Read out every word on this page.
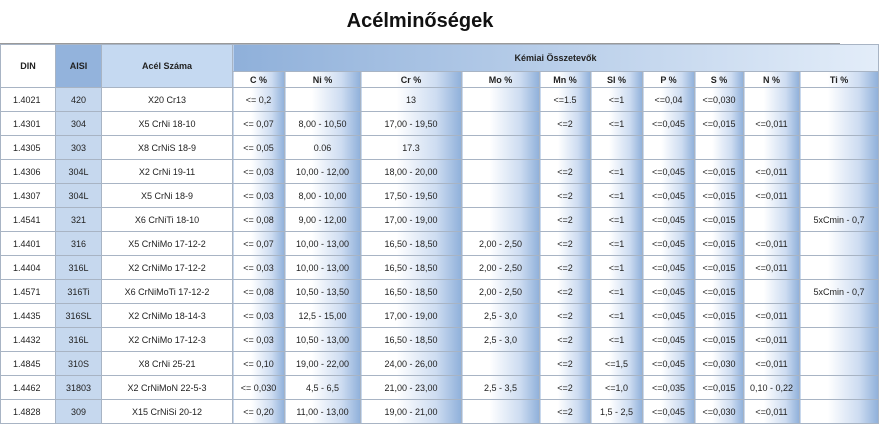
Acélminőségek
DIN	AISI	Acél Száma	Kémiai Összetevők									
			C %	Ni %	Cr %	Mo %	Mn %	SI %	P %	S %	N %	Ti %
1.4021	420	X20 Cr13	<= 0,2		13		<=1.5	<=1	<=0,04	<=0,030		
1.4301	304	X5 CrNi 18-10	<= 0,07	8,00 - 10,50	17,00 - 19,50		<=2	<=1	<=0,045	<=0,015	<=0,011	
1.4305	303	X8 CrNiS 18-9	<= 0,05	0.06	17.3							
1.4306	304L	X2 CrNi 19-11	<= 0,03	10,00 - 12,00	18,00 - 20,00		<=2	<=1	<=0,045	<=0,015	<=0,011	
1.4307	304L	X5 CrNi 18-9	<= 0,03	8,00 - 10,00	17,50 - 19,50		<=2	<=1	<=0,045	<=0,015	<=0,011	
1.4541	321	X6 CrNiTi 18-10	<= 0,08	9,00 - 12,00	17,00 - 19,00		<=2	<=1	<=0,045	<=0,015		5xCmin - 0,7
1.4401	316	X5 CrNiMo 17-12-2	<= 0,07	10,00 - 13,00	16,50 - 18,50	2,00 - 2,50	<=2	<=1	<=0,045	<=0,015	<=0,011	
1.4404	316L	X2 CrNiMo 17-12-2	<= 0,03	10,00 - 13,00	16,50 - 18,50	2,00 - 2,50	<=2	<=1	<=0,045	<=0,015	<=0,011	
1.4571	316Ti	X6 CrNiMoTi 17-12-2	<= 0,08	10,50 - 13,50	16,50 - 18,50	2,00 - 2,50	<=2	<=1	<=0,045	<=0,015		5xCmin - 0,7
1.4435	316SL	X2 CrNiMo 18-14-3	<= 0,03	12,5 - 15,00	17,00 - 19,00	2,5 - 3,0	<=2	<=1	<=0,045	<=0,015	<=0,011	
1.4432	316L	X2 CrNiMo 17-12-3	<= 0,03	10,50 - 13,00	16,50 - 18,50	2,5 - 3,0	<=2	<=1	<=0,045	<=0,015	<=0,011	
1.4845	310S	X8 CrNi 25-21	<= 0,10	19,00 - 22,00	24,00 - 26,00		<=2	<=1,5	<=0,045	<=0,030	<=0,011	
1.4462	31803	X2 CrNiMoN 22-5-3	<= 0,030	4,5 - 6,5	21,00 - 23,00	2,5 - 3,5	<=2	<=1,0	<=0,035	<=0,015	0,10 - 0,22	
1.4828	309	X15 CrNiSi 20-12	<= 0,20	11,00 - 13,00	19,00 - 21,00		<=2	1,5 - 2,5	<=0,045	<=0,030	<=0,011	
